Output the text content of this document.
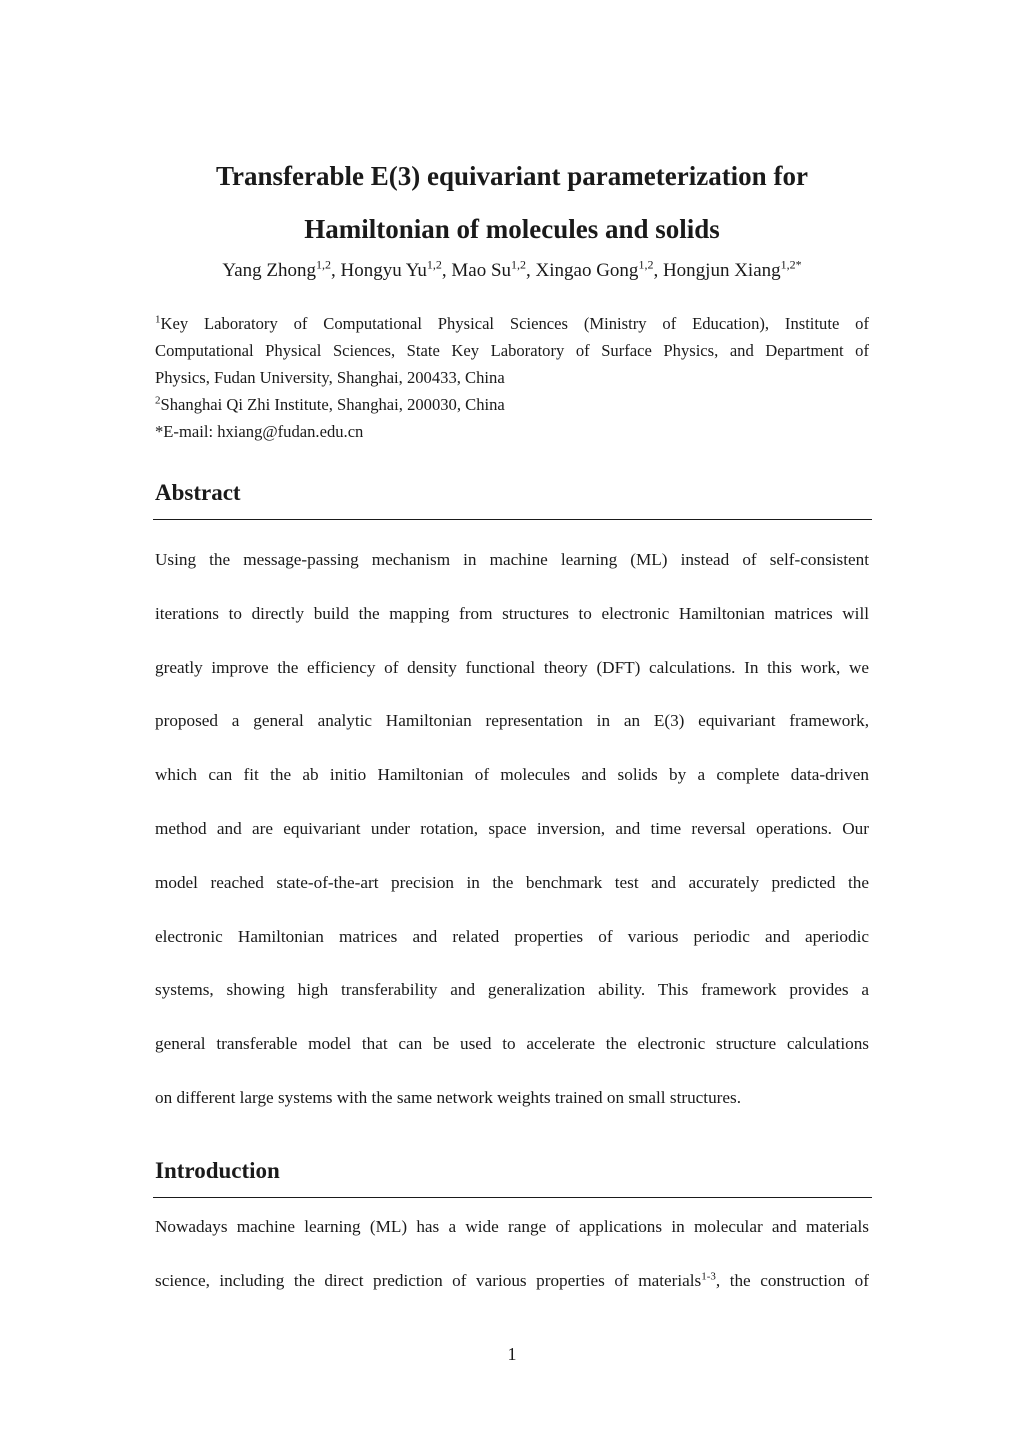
Transferable E(3) equivariant parameterization for
Hamiltonian of molecules and solids
Yang Zhong$^{1,2}$, Hongyu Yu$^{1,2}$, Mao Su$^{1,2}$, Xingao Gong$^{1,2}$, Hongjun Xiang$^{1,2*}$
$^1$Key Laboratory of Computational Physical Sciences (Ministry of Education), Institute of
Computational Physical Sciences, State Key Laboratory of Surface Physics, and Department of
Physics, Fudan University, Shanghai, 200433, China
$^2$Shanghai Qi Zhi Institute, Shanghai, 200030, China
*E-mail: hxiang@fudan.edu.cn
Abstract
Using the message-passing mechanism in machine learning (ML) instead of self-consistent
iterations to directly build the mapping from structures to electronic Hamiltonian matrices will
greatly improve the efficiency of density functional theory (DFT) calculations. In this work, we
proposed a general analytic Hamiltonian representation in an E(3) equivariant framework,
which can fit the ab initio Hamiltonian of molecules and solids by a complete data-driven
method and are equivariant under rotation, space inversion, and time reversal operations. Our
model reached state-of-the-art precision in the benchmark test and accurately predicted the
electronic Hamiltonian matrices and related properties of various periodic and aperiodic
systems, showing high transferability and generalization ability. This framework provides a
general transferable model that can be used to accelerate the electronic structure calculations
on different large systems with the same network weights trained on small structures.
Introduction
Nowadays machine learning (ML) has a wide range of applications in molecular and materials
science, including the direct prediction of various properties of materials$^{1-3}$, the construction of
1
